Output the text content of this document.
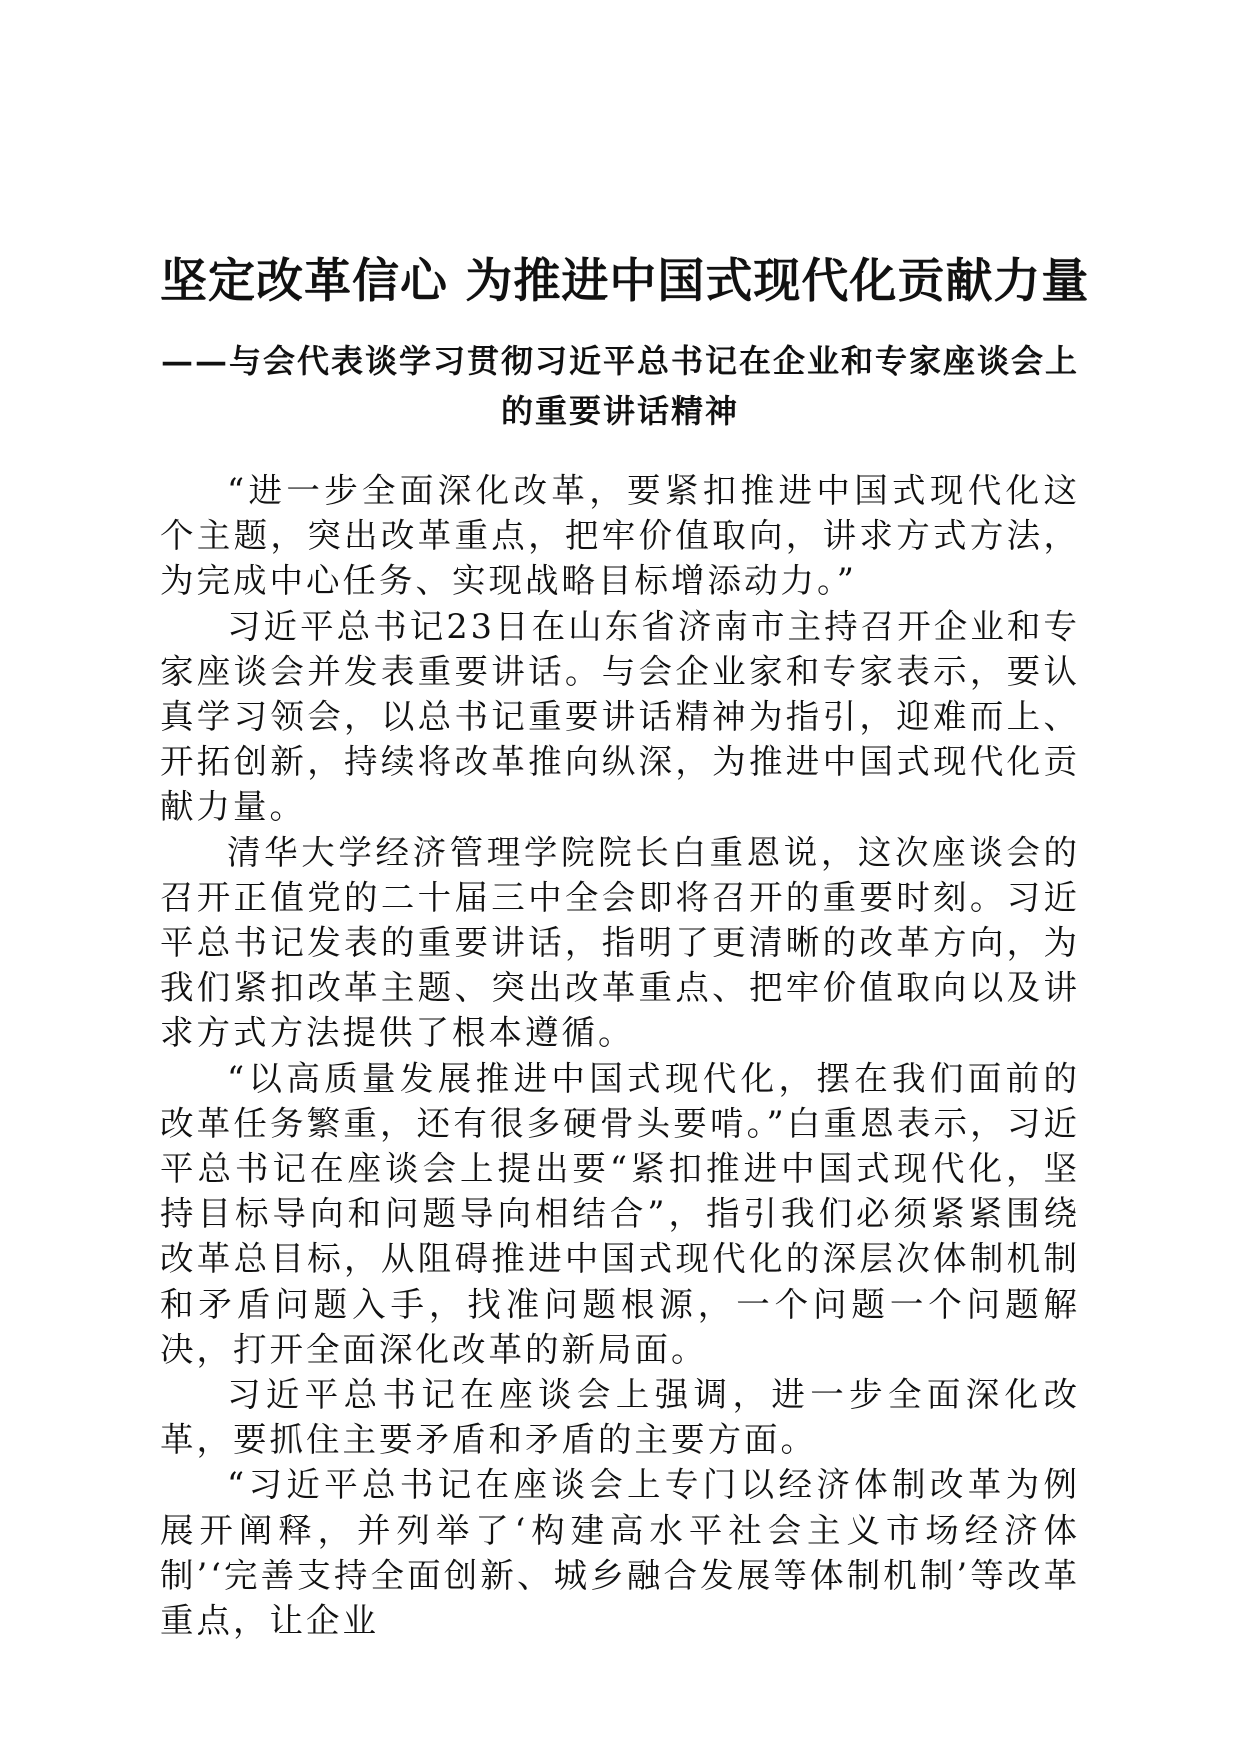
坚定改革信心 为推进中国式现代化贡献力量
——与会代表谈学习贯彻习近平总书记在企业和专家座谈会上
的重要讲话精神

“进一步全面深化改革，要紧扣推进中国式现代化这个主题，突出改革重点，把牢价值取向，讲求方式方法，为完成中心任务、实现战略目标增添动力。”

习近平总书记23日在山东省济南市主持召开企业和专家座谈会并发表重要讲话。与会企业家和专家表示，要认真学习领会，以总书记重要讲话精神为指引，迎难而上、开拓创新，持续将改革推向纵深，为推进中国式现代化贡献力量。

清华大学经济管理学院院长白重恩说，这次座谈会的召开正值党的二十届三中全会即将召开的重要时刻。习近平总书记发表的重要讲话，指明了更清晰的改革方向，为我们紧扣改革主题、突出改革重点、把牢价值取向以及讲求方式方法提供了根本遵循。

“以高质量发展推进中国式现代化，摆在我们面前的改革任务繁重，还有很多硬骨头要啃。”白重恩表示，习近平总书记在座谈会上提出要“紧扣推进中国式现代化，坚持目标导向和问题导向相结合”，指引我们必须紧紧围绕改革总目标，从阻碍推进中国式现代化的深层次体制机制和矛盾问题入手，找准问题根源，一个问题一个问题解决，打开全面深化改革的新局面。

习近平总书记在座谈会上强调，进一步全面深化改革，要抓住主要矛盾和矛盾的主要方面。

“习近平总书记在座谈会上专门以经济体制改革为例展开阐释，并列举了‘构建高水平社会主义市场经济体制’‘完善支持全面创新、城乡融合发展等体制机制’等改革重点，让企业
